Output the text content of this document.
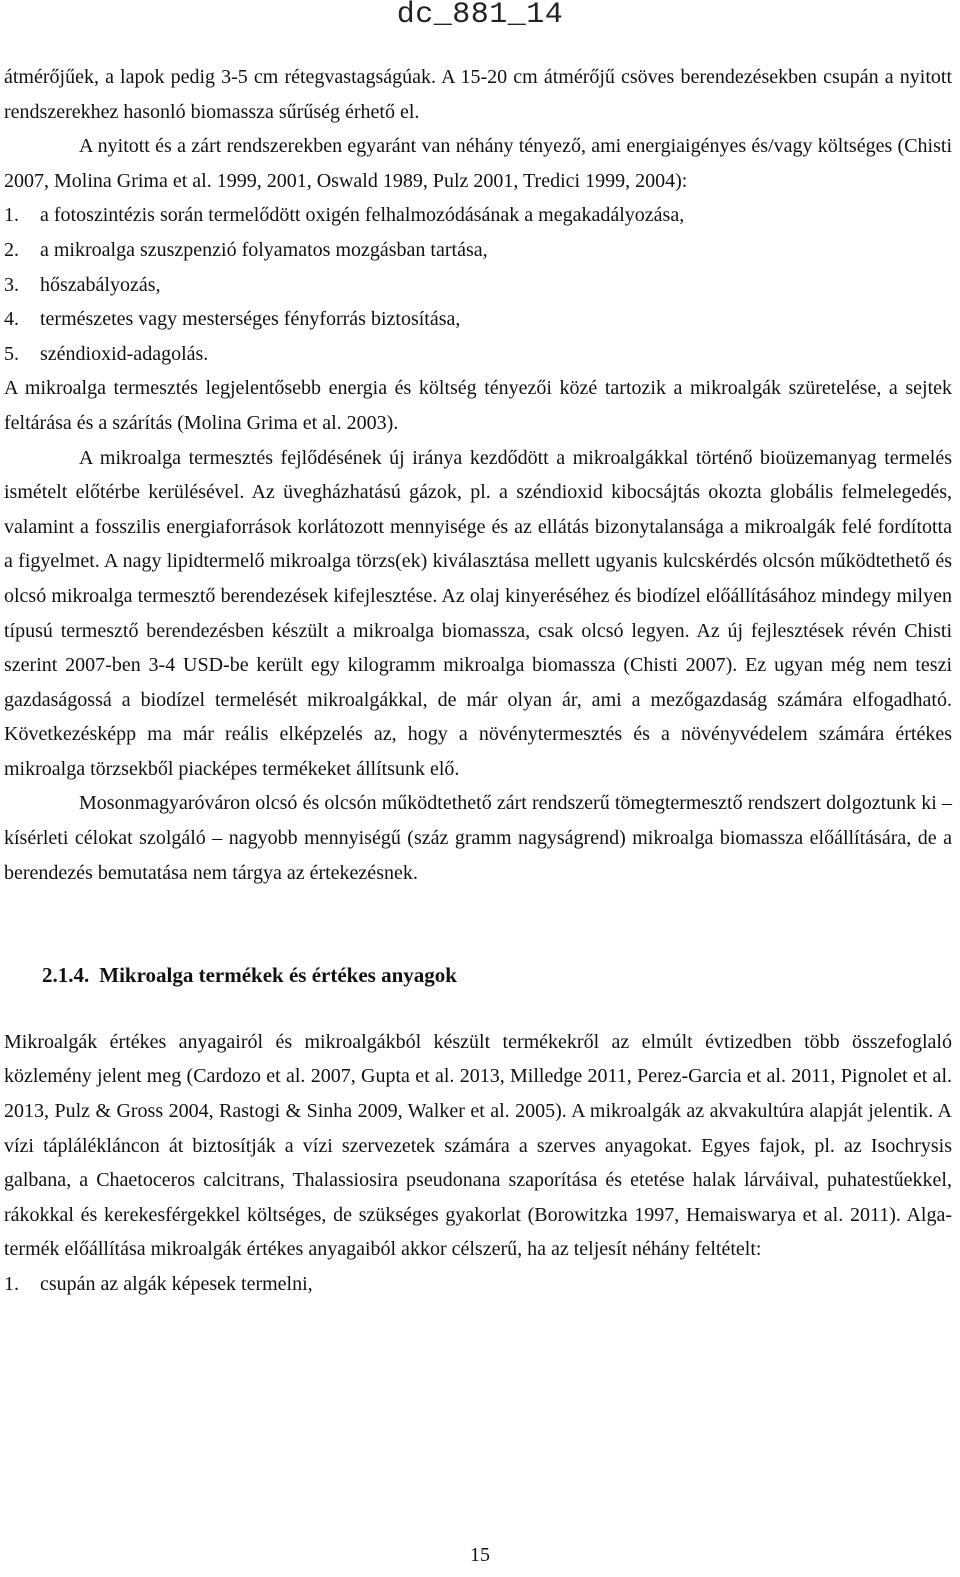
dc_881_14

átmérőjűek, a lapok pedig 3-5 cm rétegvastagságúak. A 15-20 cm átmérőjű csöves berendezésekben csupán a nyitott rendszerekhez hasonló biomassza sűrűség érhető el.

A nyitott és a zárt rendszerekben egyaránt van néhány tényező, ami energiaigényes és/vagy költséges (Chisti 2007, Molina Grima et al. 1999, 2001, Oswald 1989, Pulz 2001, Tredici 1999, 2004):

1. a fotoszintézis során termelődött oxigén felhalmozódásának a megakadályozása,
2. a mikroalga szuszpenzió folyamatos mozgásban tartása,
3. hőszabályozás,
4. természetes vagy mesterséges fényforrás biztosítása,
5. széndioxid-adagolás.

A mikroalga termesztés legjelentősebb energia és költség tényezői közé tartozik a mikroalgák szüretelése, a sejtek feltárása és a szárítás (Molina Grima et al. 2003).

A mikroalga termesztés fejlődésének új iránya kezdődött a mikroalgákkal történő bioüzemanyag termelés ismételt előtérbe kerülésével. Az üvegházhatású gázok, pl. a széndioxid kibocsájtás okozta globális felmelegedés, valamint a fosszilis energiaforrások korlátozott mennyisége és az ellátás bizonytalansága a mikroalgák felé fordította a figyelmet. A nagy lipidtermelő mikroalga törzs(ek) kiválasztása mellett ugyanis kulcskérdés olcsón működtethető és olcsó mikroalga termesztő berendezések kifejlesztése. Az olaj kinyeréséhez és biodízel előállításához mindegy milyen típusú termesztő berendezésben készült a mikroalga biomassza, csak olcsó legyen. Az új fejlesztések révén Chisti szerint 2007-ben 3-4 USD-be került egy kilogramm mikroalga biomassza (Chisti 2007). Ez ugyan még nem teszi gazdaságossá a biodízel termelését mikroalgákkal, de már olyan ár, ami a mezőgazdaság számára elfogadható. Következésképp ma már reális elképzelés az, hogy a növénytermesztés és a növényvédelem számára értékes mikroalga törzsekből piacképes termékeket állítsunk elő.

Mosonmagyaróváron olcsó és olcsón működtethető zárt rendszerű tömegtermesztő rendszert dolgoztunk ki – kísérleti célokat szolgáló – nagyobb mennyiségű (száz gramm nagyságrend) mikroalga biomassza előállítására, de a berendezés bemutatása nem tárgya az értekezésnek.

2.1.4. Mikroalga termékek és értékes anyagok

Mikroalgák értékes anyagairól és mikroalgákból készült termékekről az elmúlt évtizedben több összefoglaló közlemény jelent meg (Cardozo et al. 2007, Gupta et al. 2013, Milledge 2011, Perez-Garcia et al. 2011, Pignolet et al. 2013, Pulz & Gross 2004, Rastogi & Sinha 2009, Walker et al. 2005). A mikroalgák az akvakultúra alapját jelentik. A vízi táplálékláncon át biztosítják a vízi szervezetek számára a szerves anyagokat. Egyes fajok, pl. az Isochrysis galbana, a Chaetoceros calcitrans, Thalassiosira pseudonana szaporítása és etetése halak lárváival, puhatestűekkel, rákokkal és kerekesférgekkel költséges, de szükséges gyakorlat (Borowitzka 1997, Hemaiswarya et al. 2011). Alga-termék előállítása mikroalgák értékes anyagaiból akkor célszerű, ha az teljesít néhány feltételt:

1. csupán az algák képesek termelni,
15
